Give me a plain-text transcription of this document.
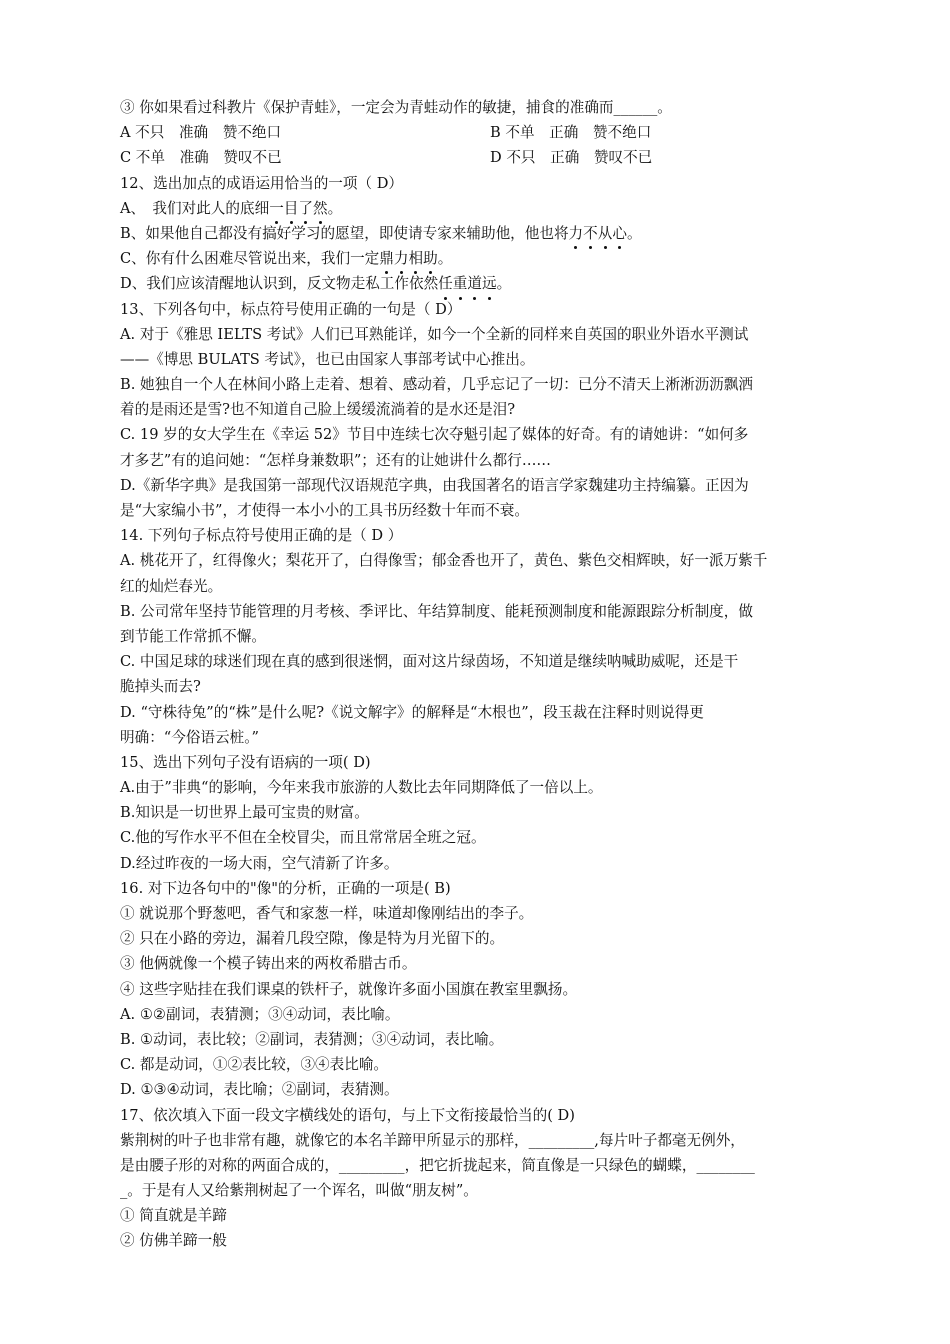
③ 你如果看过科教片《保护青蛙》，一定会为青蛙动作的敏捷，捕食的准确而______。
A 不只　准确　赞不绝口	B 不单　正确　赞不绝口
C 不单　准确　赞叹不已	D 不只　正确　赞叹不已
12、选出加点的成语运用恰当的一项（ D）
A、　我们对此人的底细一目了然。
B、如果他自己都没有搞好学习的愿望，即使请专家来辅助他，他也将力不从心。
C、你有什么困难尽管说出来，我们一定鼎力相助。
D、我们应该清醒地认识到，反文物走私工作依然任重道远。
13、下列各句中，标点符号使用正确的一句是（ D）
A. 对于《雅思 IELTS 考试》人们已耳熟能详，如今一个全新的同样来自英国的职业外语水平测试
——《博思 BULATS 考试》，也已由国家人事部考试中心推出。
B. 她独自一个人在林间小路上走着、想着、感动着，几乎忘记了一切：已分不清天上淅淅沥沥飘洒
着的是雨还是雪?也不知道自己脸上缓缓流淌着的是水还是泪?
C. 19 岁的女大学生在《幸运 52》节目中连续七次夺魁引起了媒体的好奇。有的请她讲：“如何多
才多艺”有的追问她：“怎样身兼数职”；还有的让她讲什么都行……
D.《新华字典》是我国第一部现代汉语规范字典，由我国著名的语言学家魏建功主持编纂。正因为
是“大家编小书”，才使得一本小小的工具书历经数十年而不衰。
14. 下列句子标点符号使用正确的是（ D ）
A. 桃花开了，红得像火；梨花开了，白得像雪；郁金香也开了，黄色、紫色交相辉映，好一派万紫千
红的灿烂春光。
B. 公司常年坚持节能管理的月考核、季评比、年结算制度、能耗预测制度和能源跟踪分析制度，做
到节能工作常抓不懈。
C. 中国足球的球迷们现在真的感到很迷惘，面对这片绿茵场，不知道是继续呐喊助威呢，还是干
脆掉头而去?
D. “守株待兔”的“株”是什么呢?《说文解字》的解释是“木根也”，段玉裁在注释时则说得更
明确：“今俗语云桩。”
15、选出下列句子没有语病的一项( D)
A.由于”非典“的影响，今年来我市旅游的人数比去年同期降低了一倍以上。
B.知识是一切世界上最可宝贵的财富。
C.他的写作水平不但在全校冒尖，而且常常居全班之冠。
D.经过昨夜的一场大雨，空气清新了许多。
16. 对下边各句中的"像"的分析，正确的一项是( B)
① 就说那个野葱吧，香气和家葱一样，味道却像刚结出的李子。
② 只在小路的旁边，漏着几段空隙，像是特为月光留下的。
③ 他俩就像一个模子铸出来的两枚希腊古币。
④ 这些字贴挂在我们课桌的铁杆子，就像许多面小国旗在教室里飘扬。
A. ①②副词，表猜测；③④动词，表比喻。
B. ①动词，表比较；②副词，表猜测；③④动词，表比喻。
C. 都是动词，①②表比较，③④表比喻。
D. ①③④动词，表比喻；②副词，表猜测。
17、依次填入下面一段文字横线处的语句，与上下文衔接最恰当的( D)
紫荆树的叶子也非常有趣，就像它的本名羊蹄甲所显示的那样，_________,每片叶子都毫无例外，
是由腰子形的对称的两面合成的，_________，把它折拢起来，简直像是一只绿色的蝴蝶，________
_。于是有人又给紫荆树起了一个诨名，叫做“朋友树”。
① 简直就是羊蹄
② 仿佛羊蹄一般
